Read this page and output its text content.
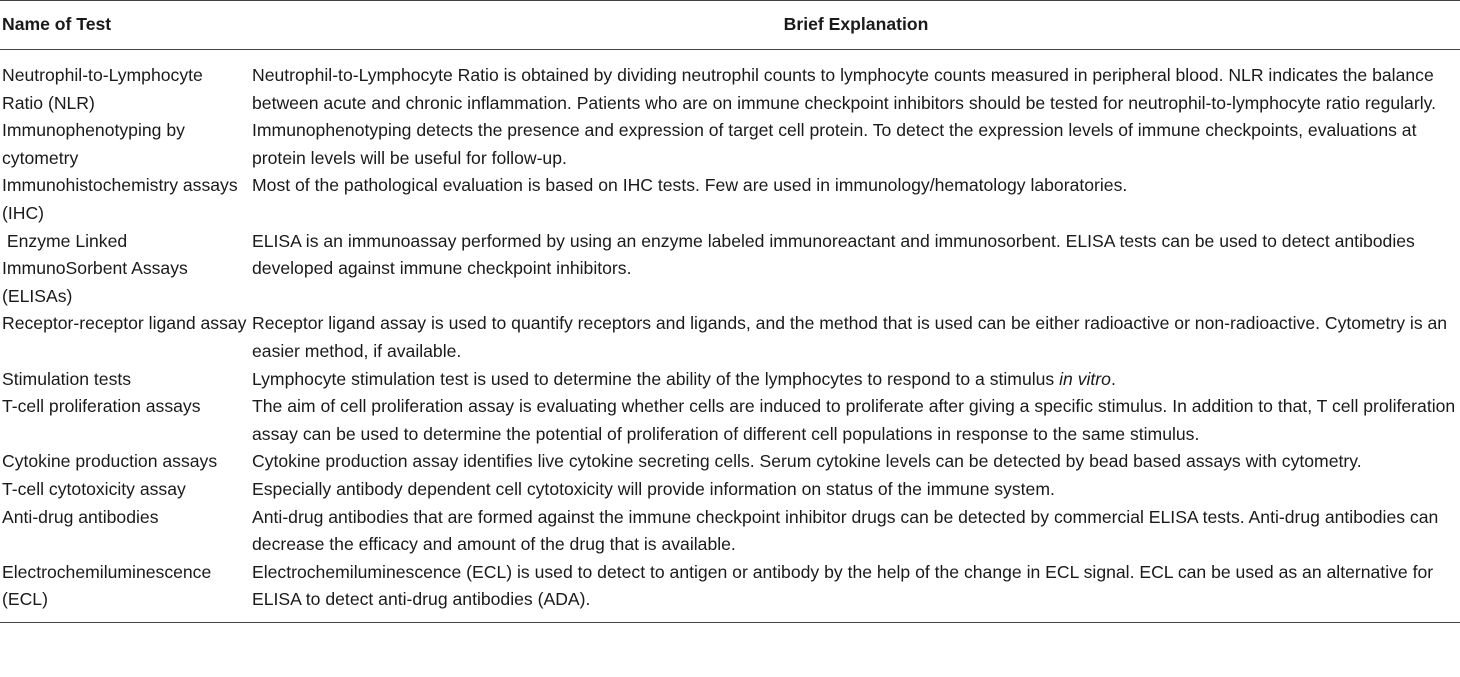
Name of Test	Brief Explanation
Neutrophil-to-Lymphocyte Ratio (NLR)	Neutrophil-to-Lymphocyte Ratio is obtained by dividing neutrophil counts to lymphocyte counts measured in peripheral blood. NLR indicates the balance between acute and chronic inflammation. Patients who are on immune checkpoint inhibitors should be tested for neutrophil-to-lymphocyte ratio regularly.
Immunophenotyping by cytometry	Immunophenotyping detects the presence and expression of target cell protein. To detect the expression levels of immune checkpoints, evaluations at protein levels will be useful for follow-up.
Immunohistochemistry assays (IHC)	Most of the pathological evaluation is based on IHC tests. Few are used in immunology/hematology laboratories.
Enzyme Linked ImmunoSorbent Assays (ELISAs)	ELISA is an immunoassay performed by using an enzyme labeled immunoreactant and immunosorbent. ELISA tests can be used to detect antibodies developed against immune checkpoint inhibitors.
Receptor-receptor ligand assay	Receptor ligand assay is used to quantify receptors and ligands, and the method that is used can be either radioactive or non-radioactive. Cytometry is an easier method, if available.
Stimulation tests	Lymphocyte stimulation test is used to determine the ability of the lymphocytes to respond to a stimulus in vitro.
T-cell proliferation assays	The aim of cell proliferation assay is evaluating whether cells are induced to proliferate after giving a specific stimulus. In addition to that, T cell proliferation assay can be used to determine the potential of proliferation of different cell populations in response to the same stimulus.
Cytokine production assays	Cytokine production assay identifies live cytokine secreting cells. Serum cytokine levels can be detected by bead based assays with cytometry.
T-cell cytotoxicity assay	Especially antibody dependent cell cytotoxicity will provide information on status of the immune system.
Anti-drug antibodies	Anti-drug antibodies that are formed against the immune checkpoint inhibitor drugs can be detected by commercial ELISA tests. Anti-drug antibodies can decrease the efficacy and amount of the drug that is available.
Electrochemiluminescence (ECL)	Electrochemiluminescence (ECL) is used to detect to antigen or antibody by the help of the change in ECL signal. ECL can be used as an alternative for ELISA to detect anti-drug antibodies (ADA).
